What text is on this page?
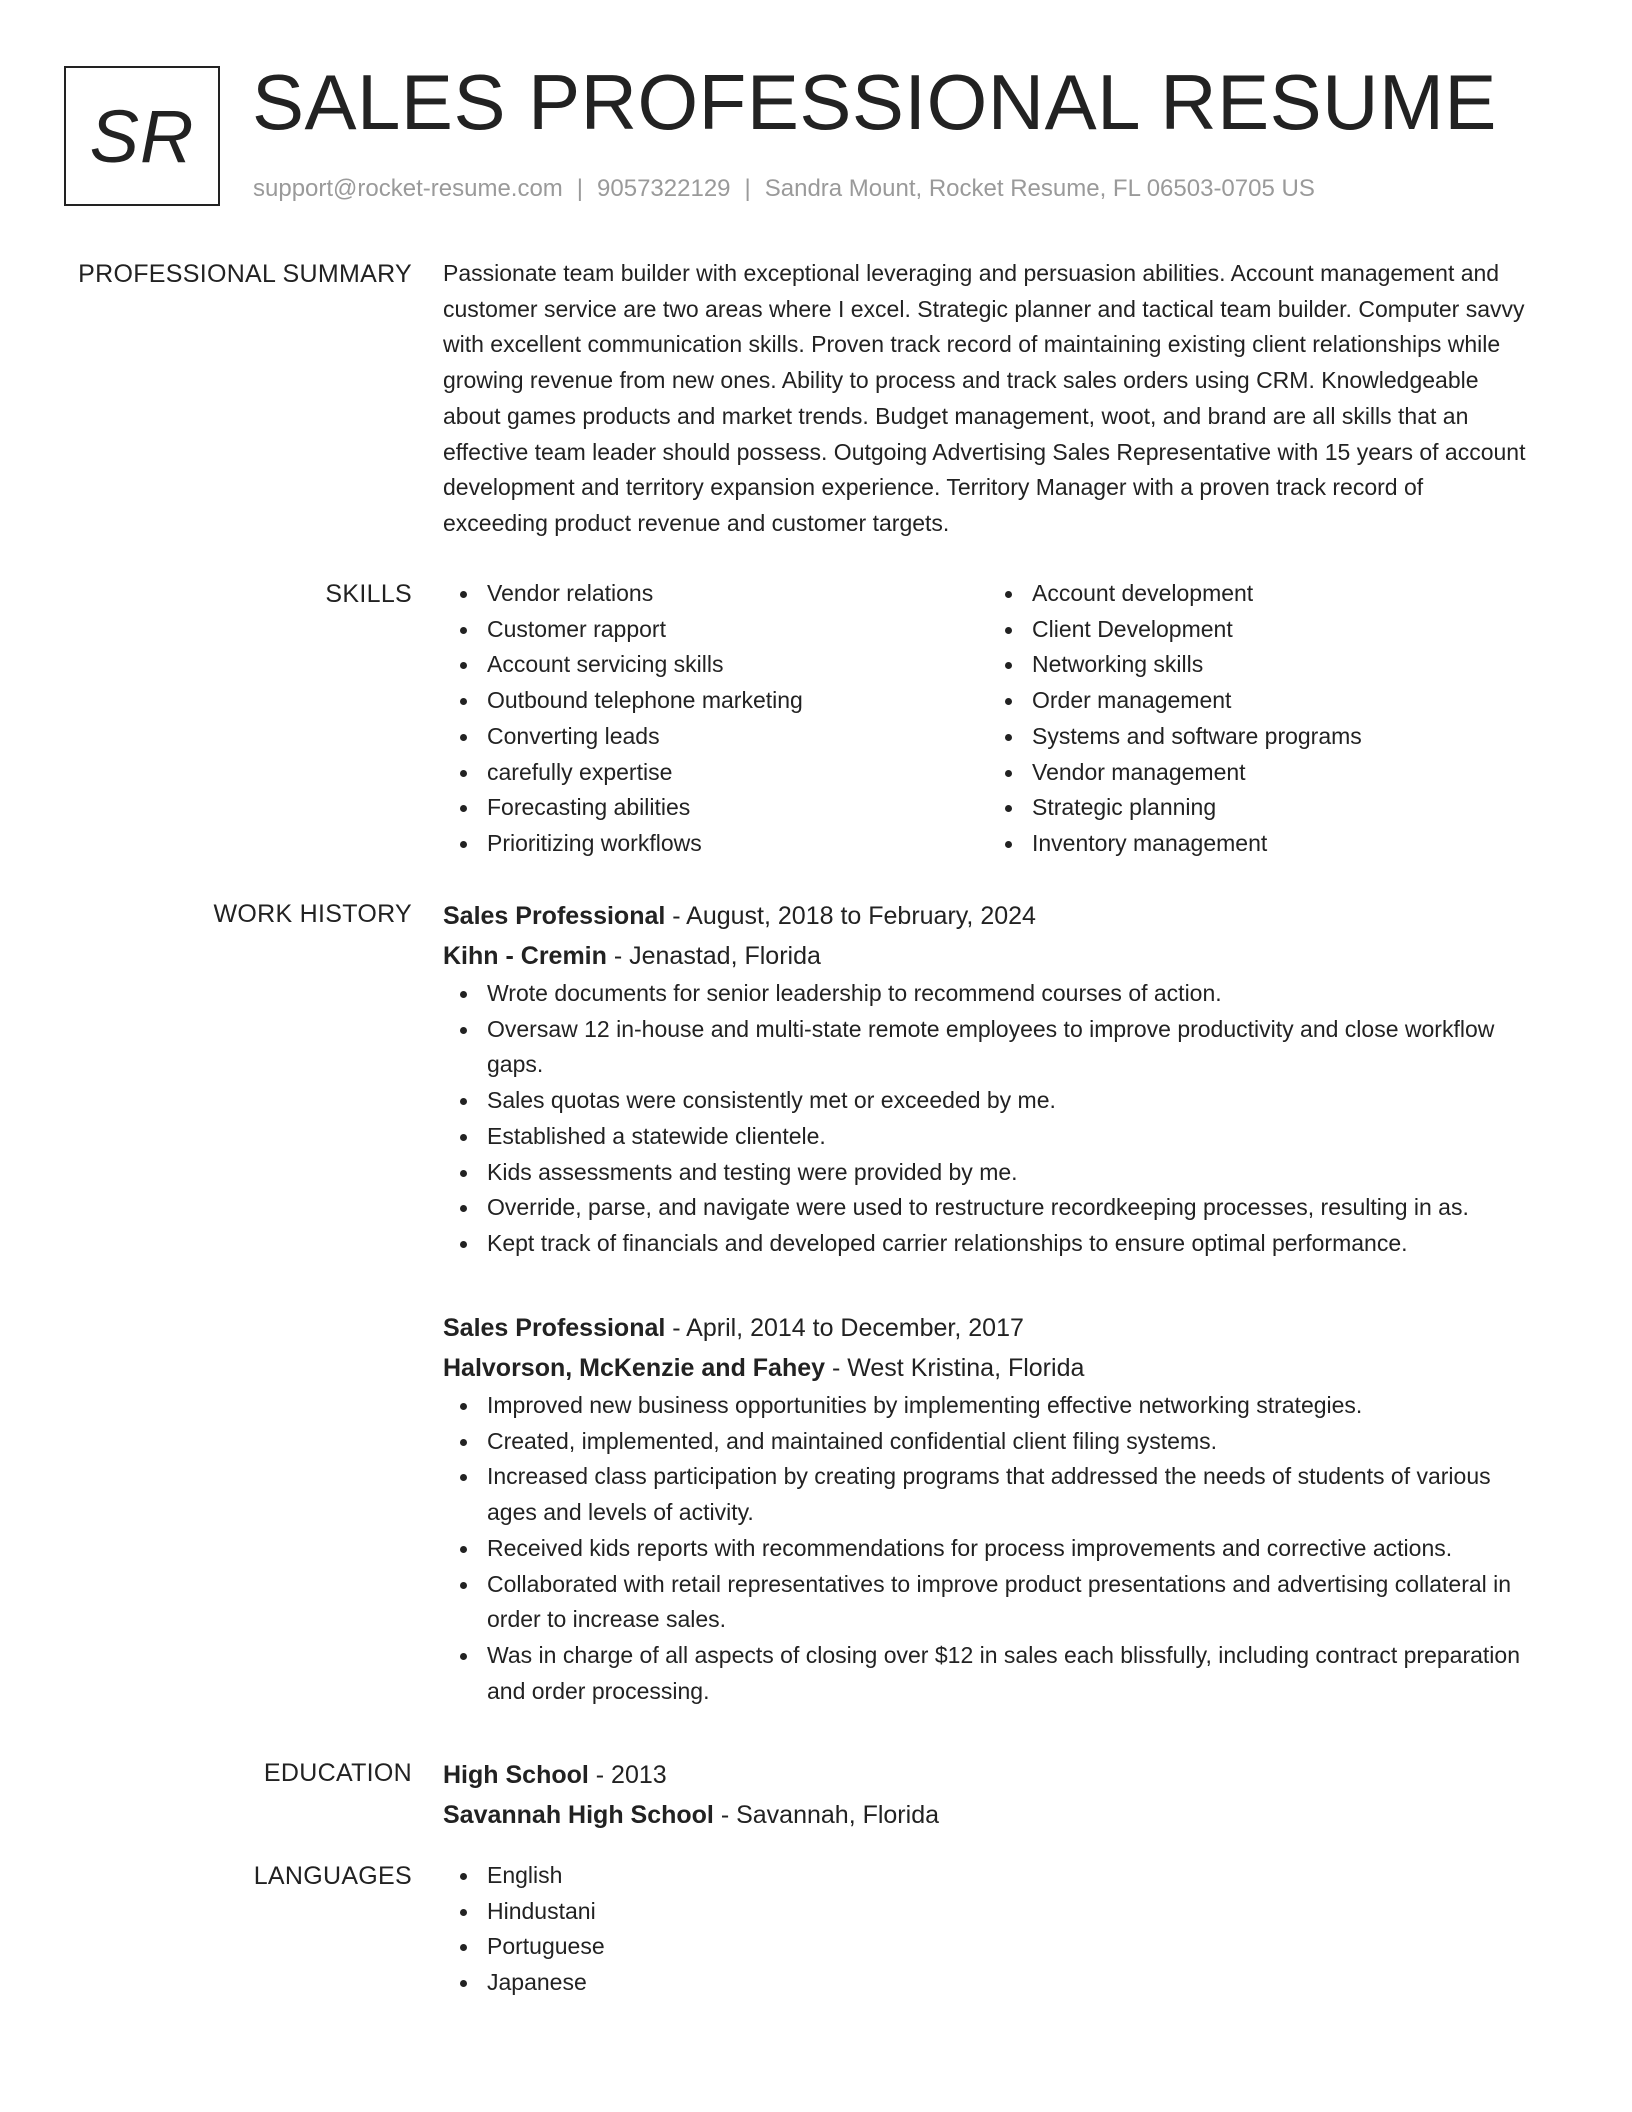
SR SALES PROFESSIONAL RESUME
support@rocket-resume.com | 9057322129 | Sandra Mount, Rocket Resume, FL 06503-0705 US
PROFESSIONAL SUMMARY Passionate team builder with exceptional leveraging and persuasion abilities. Account management and customer service are two areas where I excel. Strategic planner and tactical team builder. Computer savvy with excellent communication skills. Proven track record of maintaining existing client relationships while growing revenue from new ones. Ability to process and track sales orders using CRM. Knowledgeable about games products and market trends. Budget management, woot, and brand are all skills that an effective team leader should possess. Outgoing Advertising Sales Representative with 15 years of account development and territory expansion experience. Territory Manager with a proven track record of exceeding product revenue and customer targets.

SKILLS	Vendor relations
Customer rapport
Account servicing skills
Outbound telephone marketing
Converting leads
carefully expertise
Forecasting abilities
Prioritizing workflows
Account development
Client Development
Networking skills
Order management
Systems and software programs
Vendor management
Strategic planning
Inventory management
WORK HISTORY Sales Professional - August, 2018 to February, 2024
Kihn - Cremin - Jenastad, Florida
Wrote documents for senior leadership to recommend courses of action.
Oversaw 12 in-house and multi-state remote employees to improve productivity and close workflow gaps.
Sales quotas were consistently met or exceeded by me.
Established a statewide clientele.
Kids assessments and testing were provided by me.
Override, parse, and navigate were used to restructure recordkeeping processes, resulting in as.
Kept track of financials and developed carrier relationships to ensure optimal performance.
Sales Professional - April, 2014 to December, 2017
Halvorson, McKenzie and Fahey - West Kristina, Florida
Improved new business opportunities by implementing effective networking strategies.
Created, implemented, and maintained confidential client filing systems.
Increased class participation by creating programs that addressed the needs of students of various ages and levels of activity.
Received kids reports with recommendations for process improvements and corrective actions.
Collaborated with retail representatives to improve product presentations and advertising collateral in order to increase sales.
Was in charge of all aspects of closing over $12 in sales each blissfully, including contract preparation and order processing.
EDUCATION High School - 2013
Savannah High School - Savannah, Florida
LANGUAGES	English
Hindustani
Portuguese
Japanese
